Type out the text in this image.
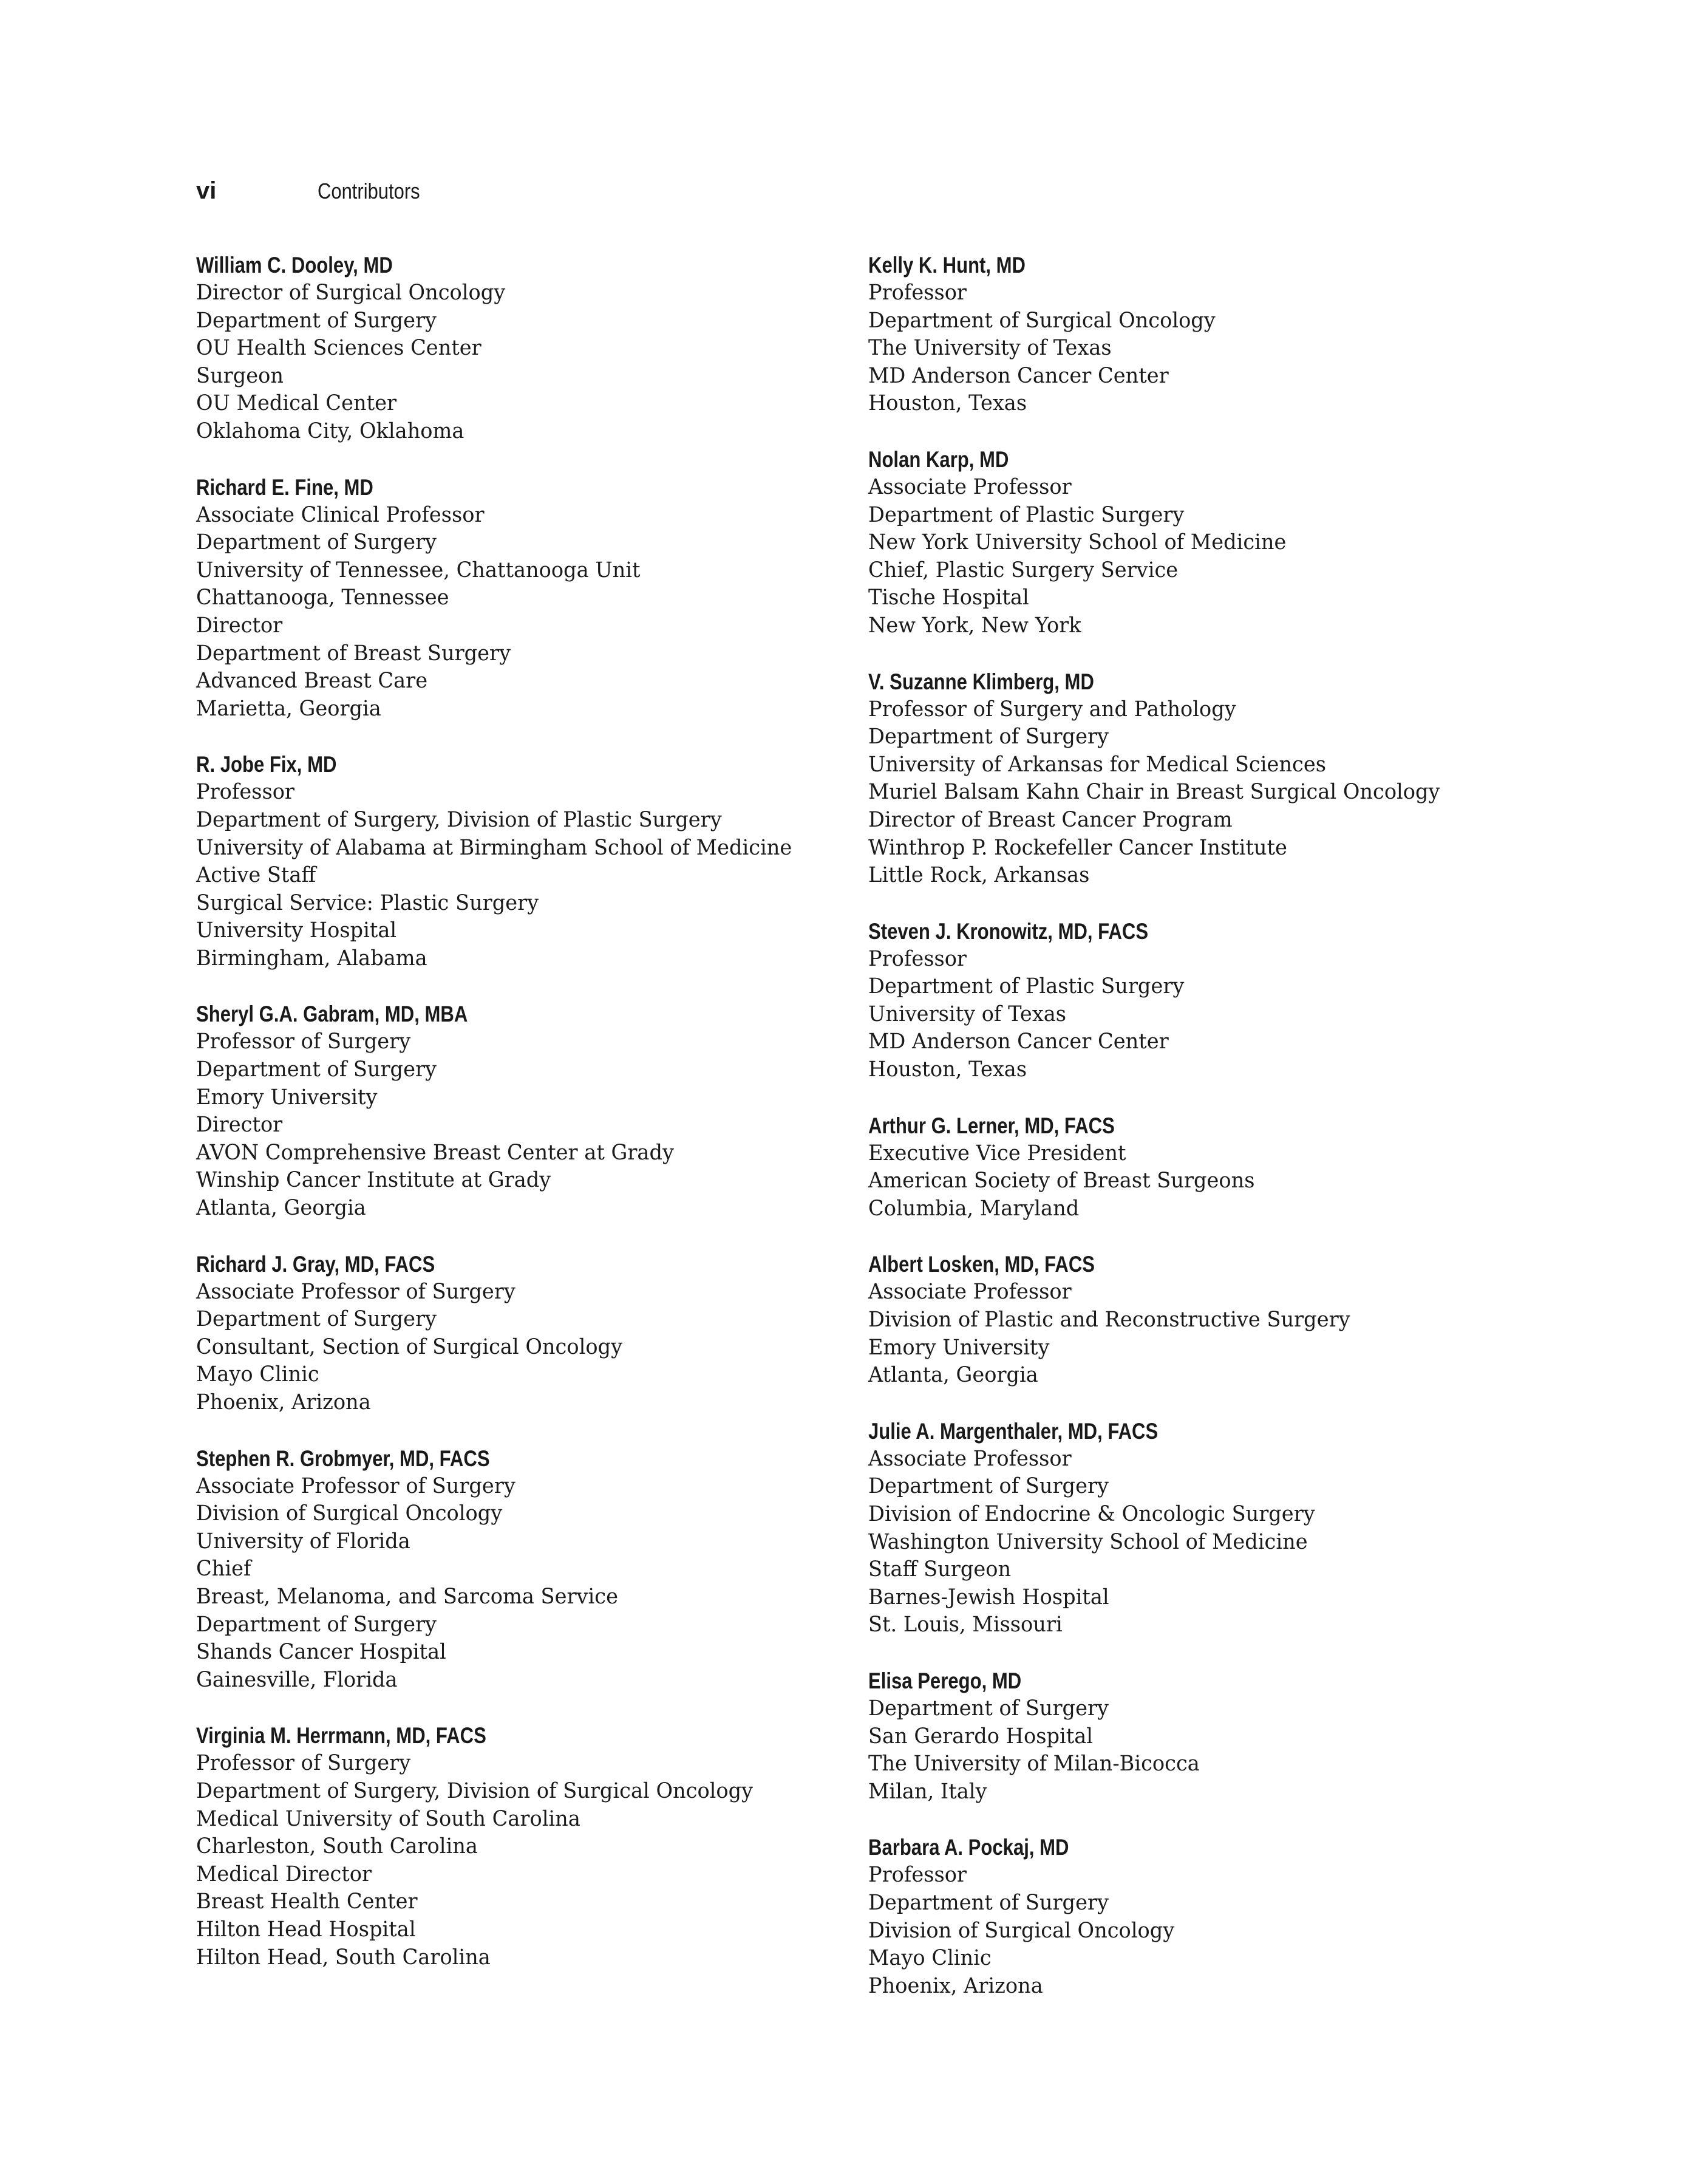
vi	Contributors
William C. Dooley, MD
Director of Surgical Oncology
Department of Surgery
OU Health Sciences Center
Surgeon
OU Medical Center
Oklahoma City, Oklahoma
Richard E. Fine, MD
Associate Clinical Professor
Department of Surgery
University of Tennessee, Chattanooga Unit
Chattanooga, Tennessee
Director
Department of Breast Surgery
Advanced Breast Care
Marietta, Georgia
R. Jobe Fix, MD
Professor
Department of Surgery, Division of Plastic Surgery
University of Alabama at Birmingham School of Medicine
Active Staff
Surgical Service: Plastic Surgery
University Hospital
Birmingham, Alabama
Sheryl G.A. Gabram, MD, MBA
Professor of Surgery
Department of Surgery
Emory University
Director
AVON Comprehensive Breast Center at Grady
Winship Cancer Institute at Grady
Atlanta, Georgia
Richard J. Gray, MD, FACS
Associate Professor of Surgery
Department of Surgery
Consultant, Section of Surgical Oncology
Mayo Clinic
Phoenix, Arizona
Stephen R. Grobmyer, MD, FACS
Associate Professor of Surgery
Division of Surgical Oncology
University of Florida
Chief
Breast, Melanoma, and Sarcoma Service
Department of Surgery
Shands Cancer Hospital
Gainesville, Florida
Virginia M. Herrmann, MD, FACS
Professor of Surgery
Department of Surgery, Division of Surgical Oncology
Medical University of South Carolina
Charleston, South Carolina
Medical Director
Breast Health Center
Hilton Head Hospital
Hilton Head, South Carolina
Kelly K. Hunt, MD
Professor
Department of Surgical Oncology
The University of Texas
MD Anderson Cancer Center
Houston, Texas
Nolan Karp, MD
Associate Professor
Department of Plastic Surgery
New York University School of Medicine
Chief, Plastic Surgery Service
Tische Hospital
New York, New York
V. Suzanne Klimberg, MD
Professor of Surgery and Pathology
Department of Surgery
University of Arkansas for Medical Sciences
Muriel Balsam Kahn Chair in Breast Surgical Oncology
Director of Breast Cancer Program
Winthrop P. Rockefeller Cancer Institute
Little Rock, Arkansas
Steven J. Kronowitz, MD, FACS
Professor
Department of Plastic Surgery
University of Texas
MD Anderson Cancer Center
Houston, Texas
Arthur G. Lerner, MD, FACS
Executive Vice President
American Society of Breast Surgeons
Columbia, Maryland
Albert Losken, MD, FACS
Associate Professor
Division of Plastic and Reconstructive Surgery
Emory University
Atlanta, Georgia
Julie A. Margenthaler, MD, FACS
Associate Professor
Department of Surgery
Division of Endocrine & Oncologic Surgery
Washington University School of Medicine
Staff Surgeon
Barnes-Jewish Hospital
St. Louis, Missouri
Elisa Perego, MD
Department of Surgery
San Gerardo Hospital
The University of Milan-Bicocca
Milan, Italy
Barbara A. Pockaj, MD
Professor
Department of Surgery
Division of Surgical Oncology
Mayo Clinic
Phoenix, Arizona
